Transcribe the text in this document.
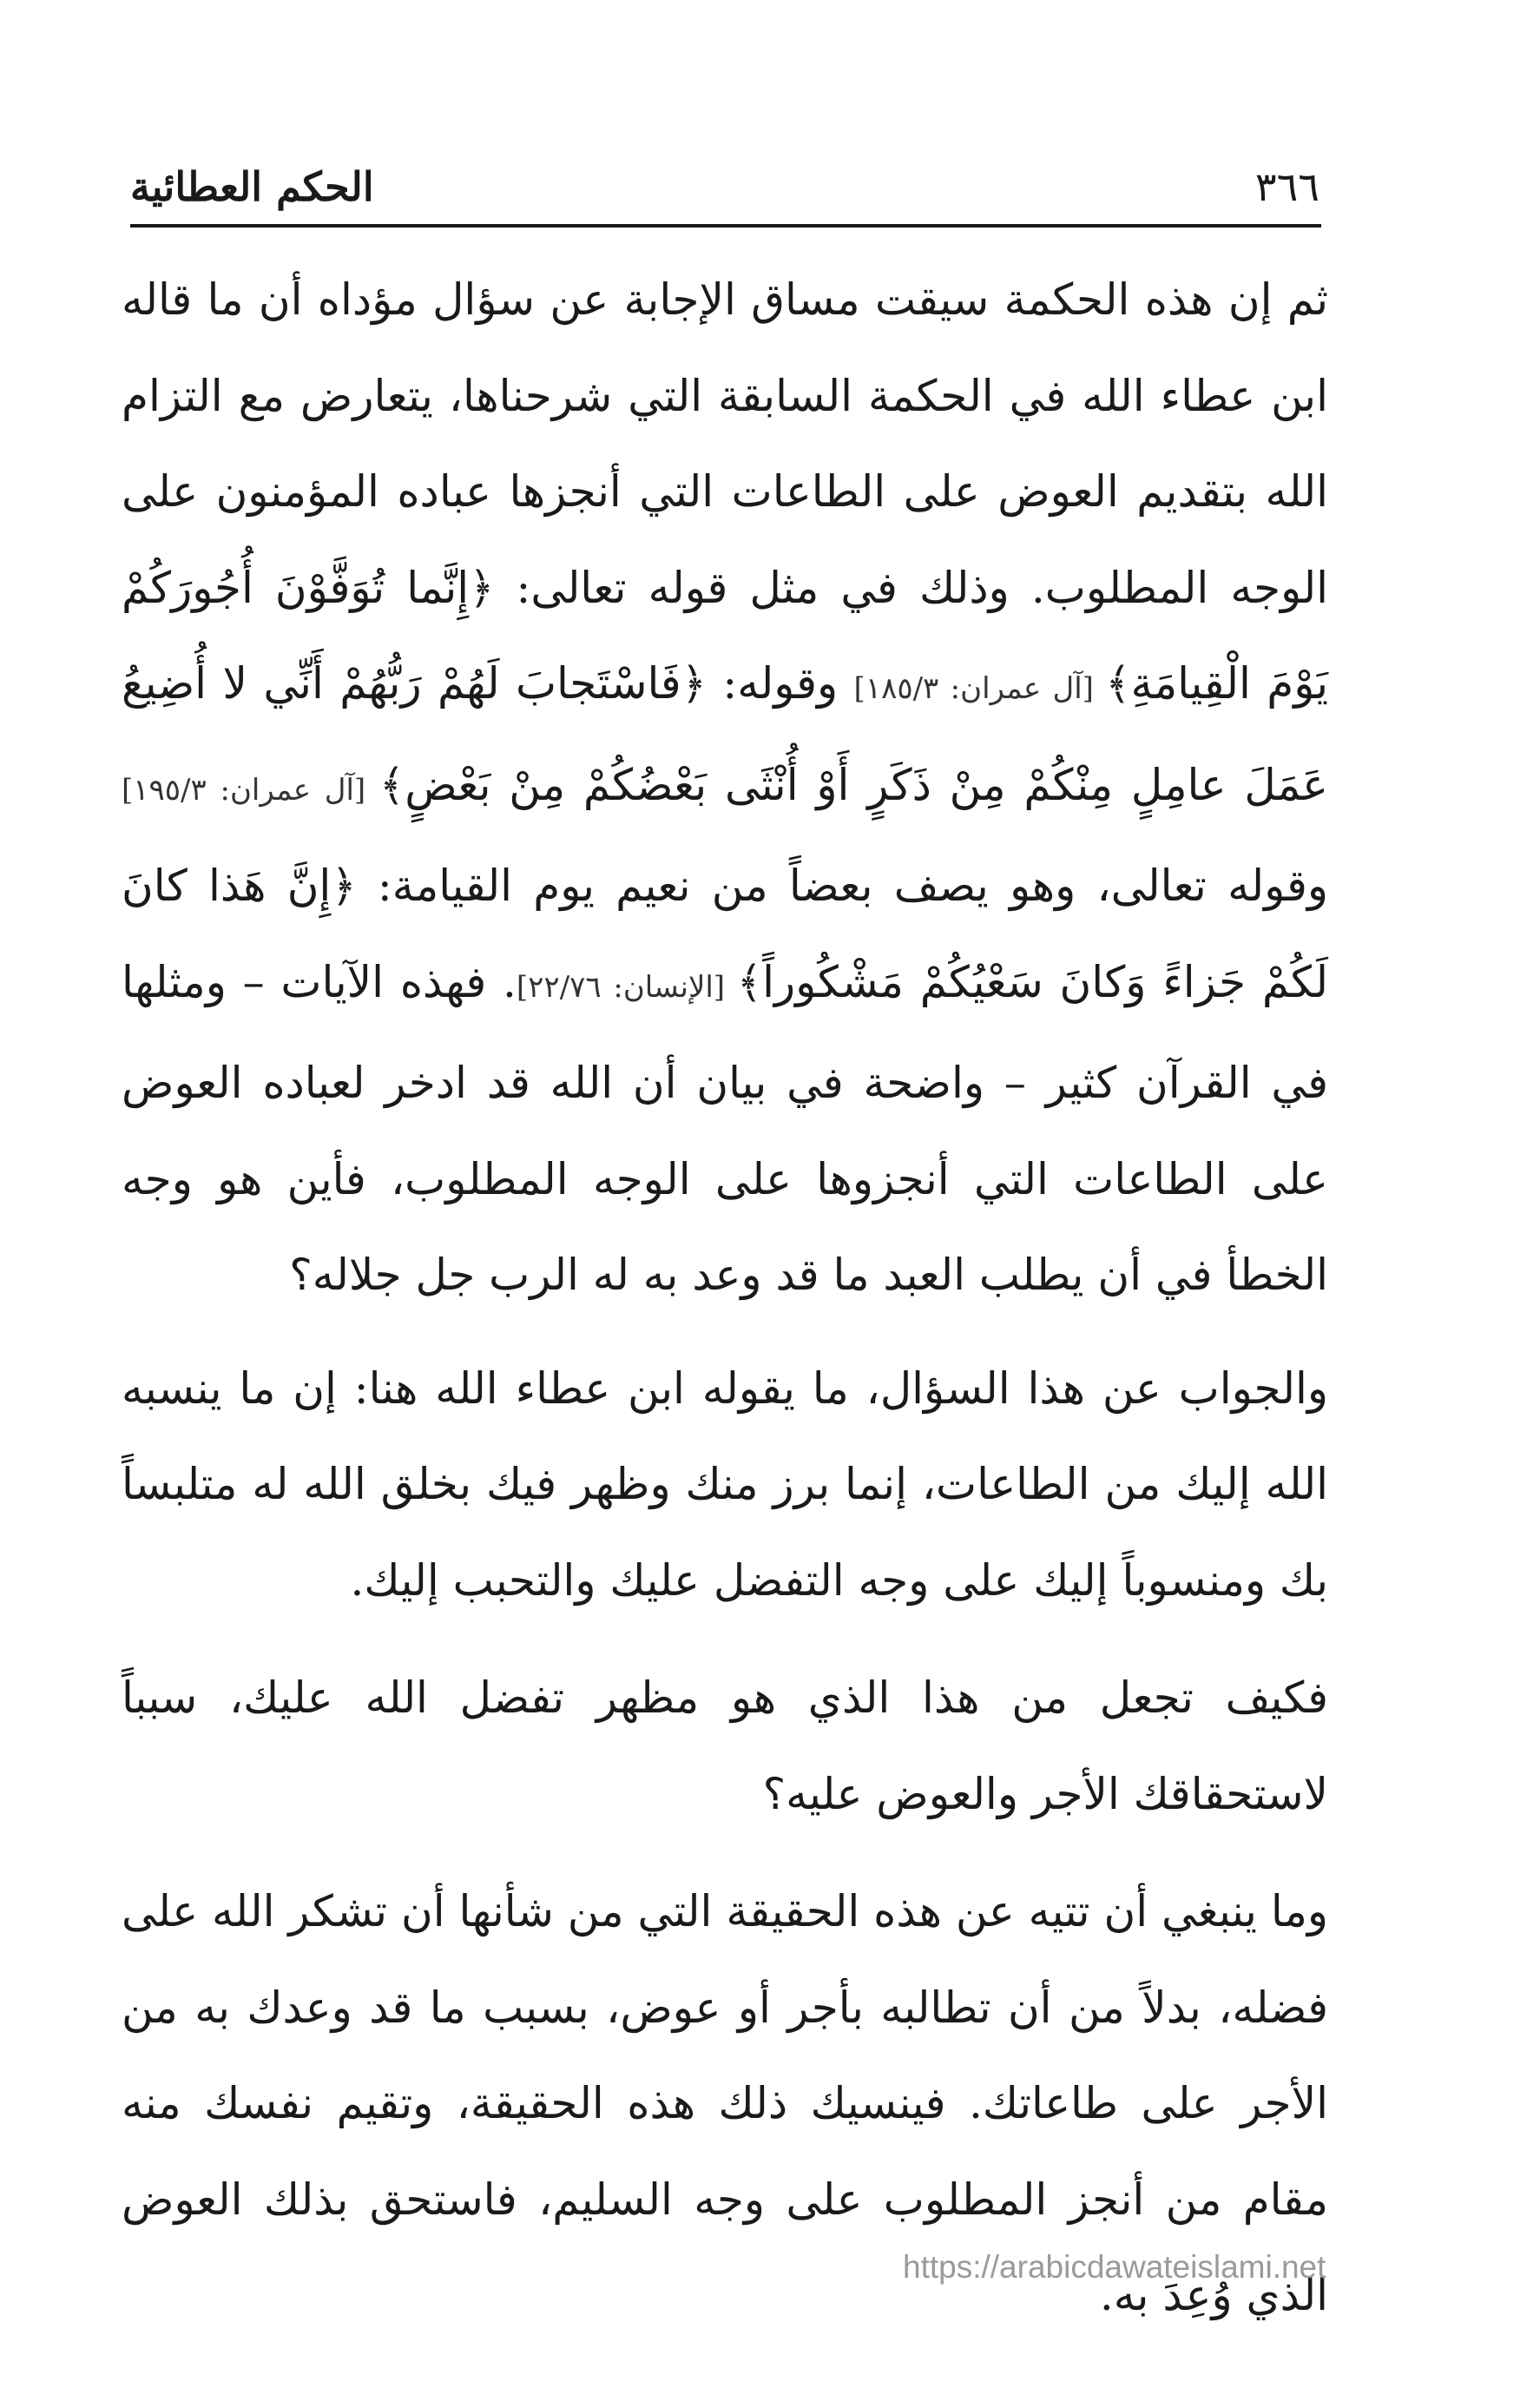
٣٦٦
الحكم العطائية

ثم إن هذه الحكمة سيقت مساق الإجابة عن سؤال مؤداه أن ما قاله ابن عطاء الله في الحكمة السابقة التي شرحناها، يتعارض مع التزام الله بتقديم العوض على الطاعات التي أنجزها عباده المؤمنون على الوجه المطلوب. وذلك في مثل قوله تعالى: ﴿إِنَّما تُوَفَّوْنَ أُجُورَكُمْ يَوْمَ الْقِيامَةِ﴾ [آل عمران: ١٨٥/٣] وقوله: ﴿فَاسْتَجابَ لَهُمْ رَبُّهُمْ أَنِّي لا أُضِيعُ عَمَلَ عامِلٍ مِنْكُمْ مِنْ ذَكَرٍ أَوْ أُنْثَى بَعْضُكُمْ مِنْ بَعْضٍ﴾ [آل عمران: ١٩٥/٣] وقوله تعالى، وهو يصف بعضاً من نعيم يوم القيامة: ﴿إِنَّ هَذا كانَ لَكُمْ جَزاءً وَكانَ سَعْيُكُمْ مَشْكُوراً﴾ [الإنسان: ٢٢/٧٦]. فهذه الآيات – ومثلها في القرآن كثير – واضحة في بيان أن الله قد ادخر لعباده العوض على الطاعات التي أنجزوها على الوجه المطلوب، فأين هو وجه الخطأ في أن يطلب العبد ما قد وعد به له الرب جل جلاله؟

والجواب عن هذا السؤال، ما يقوله ابن عطاء الله هنا: إن ما ينسبه الله إليك من الطاعات، إنما برز منك وظهر فيك بخلق الله له متلبساً بك ومنسوباً إليك على وجه التفضل عليك والتحبب إليك.

فكيف تجعل من هذا الذي هو مظهر تفضل الله عليك، سبباً لاستحقاقك الأجر والعوض عليه؟

وما ينبغي أن تتيه عن هذه الحقيقة التي من شأنها أن تشكر الله على فضله، بدلاً من أن تطالبه بأجر أو عوض، بسبب ما قد وعدك به من الأجر على طاعاتك. فينسيك ذلك هذه الحقيقة، وتقيم نفسك منه مقام من أنجز المطلوب على وجه السليم، فاستحق بذلك العوض الذي وُعِدَ به.

https://arabicdawateislami.net
